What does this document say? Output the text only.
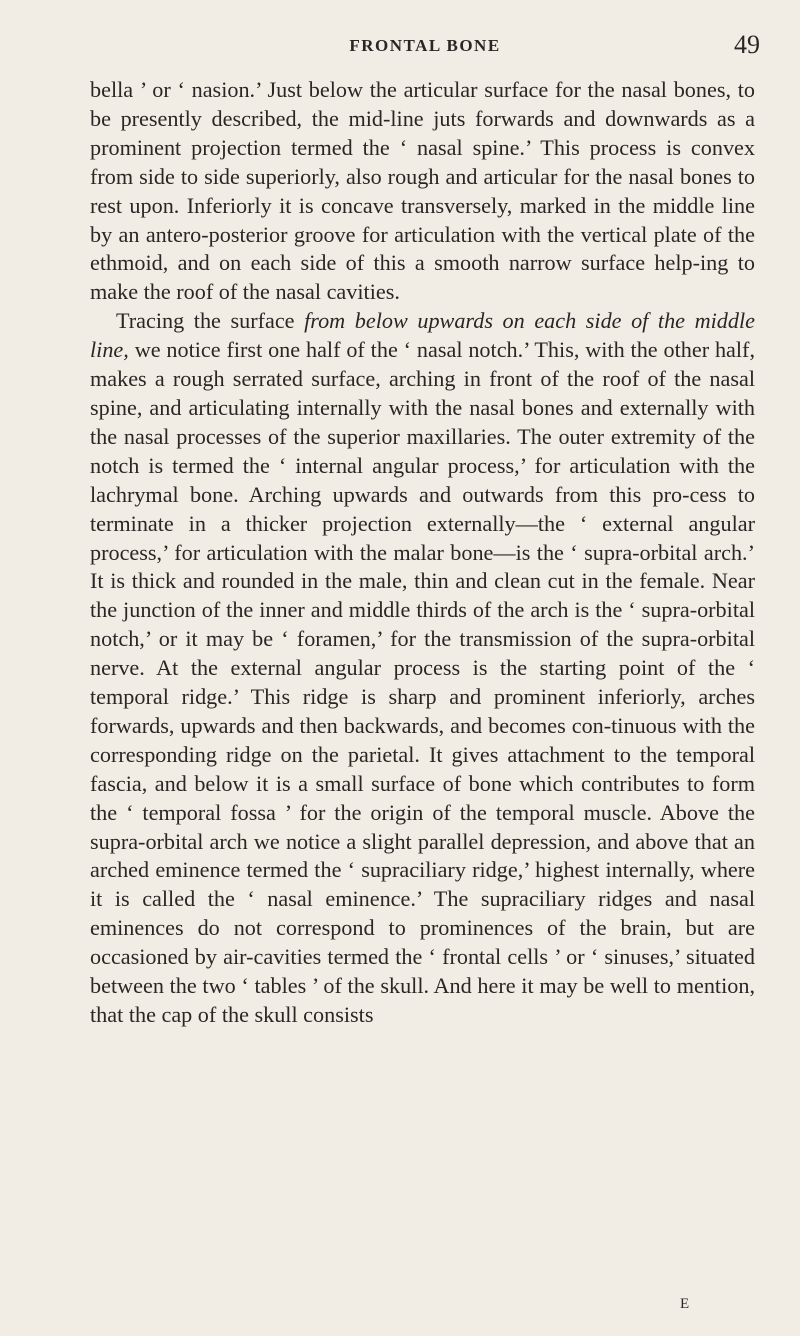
FRONTAL BONE	49

bella ’ or ‘ nasion.’ Just below the articular surface for the nasal bones, to be presently described, the mid-line juts forwards and downwards as a prominent projection termed the ‘ nasal spine.’ This process is convex from side to side superiorly, also rough and articular for the nasal bones to rest upon. Inferiorly it is concave transversely, marked in the middle line by an antero-posterior groove for articulation with the vertical plate of the ethmoid, and on each side of this a smooth narrow surface help-ing to make the roof of the nasal cavities.

Tracing the surface from below upwards on each side of the middle line, we notice first one half of the ‘ nasal notch.’ This, with the other half, makes a rough serrated surface, arching in front of the roof of the nasal spine, and articulating internally with the nasal bones and externally with the nasal processes of the superior maxillaries. The outer extremity of the notch is termed the ‘ internal angular process,’ for articulation with the lachrymal bone. Arching upwards and outwards from this pro-cess to terminate in a thicker projection externally—the ‘ external angular process,’ for articulation with the malar bone—is the ‘ supra-orbital arch.’ It is thick and rounded in the male, thin and clean cut in the female. Near the junction of the inner and middle thirds of the arch is the ‘ supra-orbital notch,’ or it may be ‘ foramen,’ for the transmission of the supra-orbital nerve. At the external angular process is the starting point of the ‘ temporal ridge.’ This ridge is sharp and prominent inferiorly, arches forwards, upwards and then backwards, and becomes con-tinuous with the corresponding ridge on the parietal. It gives attachment to the temporal fascia, and below it is a small surface of bone which contributes to form the ‘ temporal fossa ’ for the origin of the temporal muscle. Above the supra-orbital arch we notice a slight parallel depression, and above that an arched eminence termed the ‘ supraciliary ridge,’ highest internally, where it is called the ‘ nasal eminence.’ The supraciliary ridges and nasal eminences do not correspond to prominences of the brain, but are occasioned by air-cavities termed the ‘ frontal cells ’ or ‘ sinuses,’ situated between the two ‘ tables ’ of the skull. And here it may be well to mention, that the cap of the skull consists

E
